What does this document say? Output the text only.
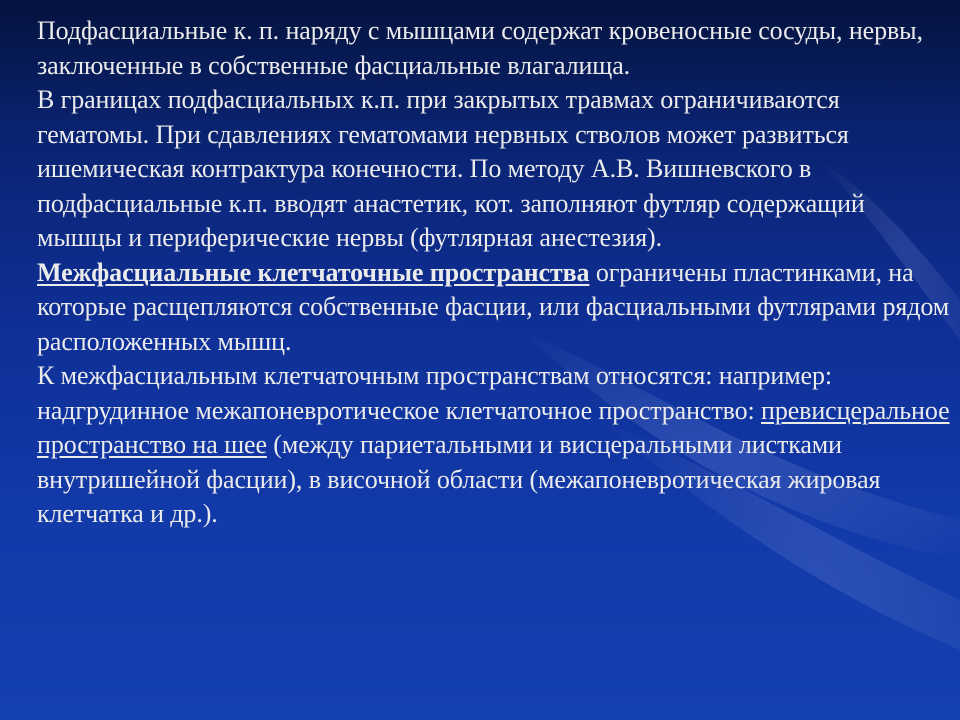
Подфасциальные к. п. наряду с мышцами содержат кровеносные сосуды, нервы, заключенные в собственные фасциальные влагалища.

В границах подфасциальных к.п. при закрытых травмах ограничиваются гематомы. При сдавлениях гематомами нервных стволов может развиться ишемическая контрактура конечности. По методу А.В. Вишневского в подфасциальные к.п. вводят анастетик, кот. заполняют футляр содержащий мышцы и периферические нервы (футлярная анестезия).

Межфасциальные клетчаточные пространства ограничены пластинками, на которые расщепляются собственные фасции, или фасциальными футлярами рядом расположенных мышц.

К межфасциальным клетчаточным пространствам относятся: например: надгрудинное межапоневротическое клетчаточное пространство: превисцеральное пространство на шее (между париетальными и висцеральными листками внутришейной фасции), в височной области (межапоневротическая жировая клетчатка и др.).
